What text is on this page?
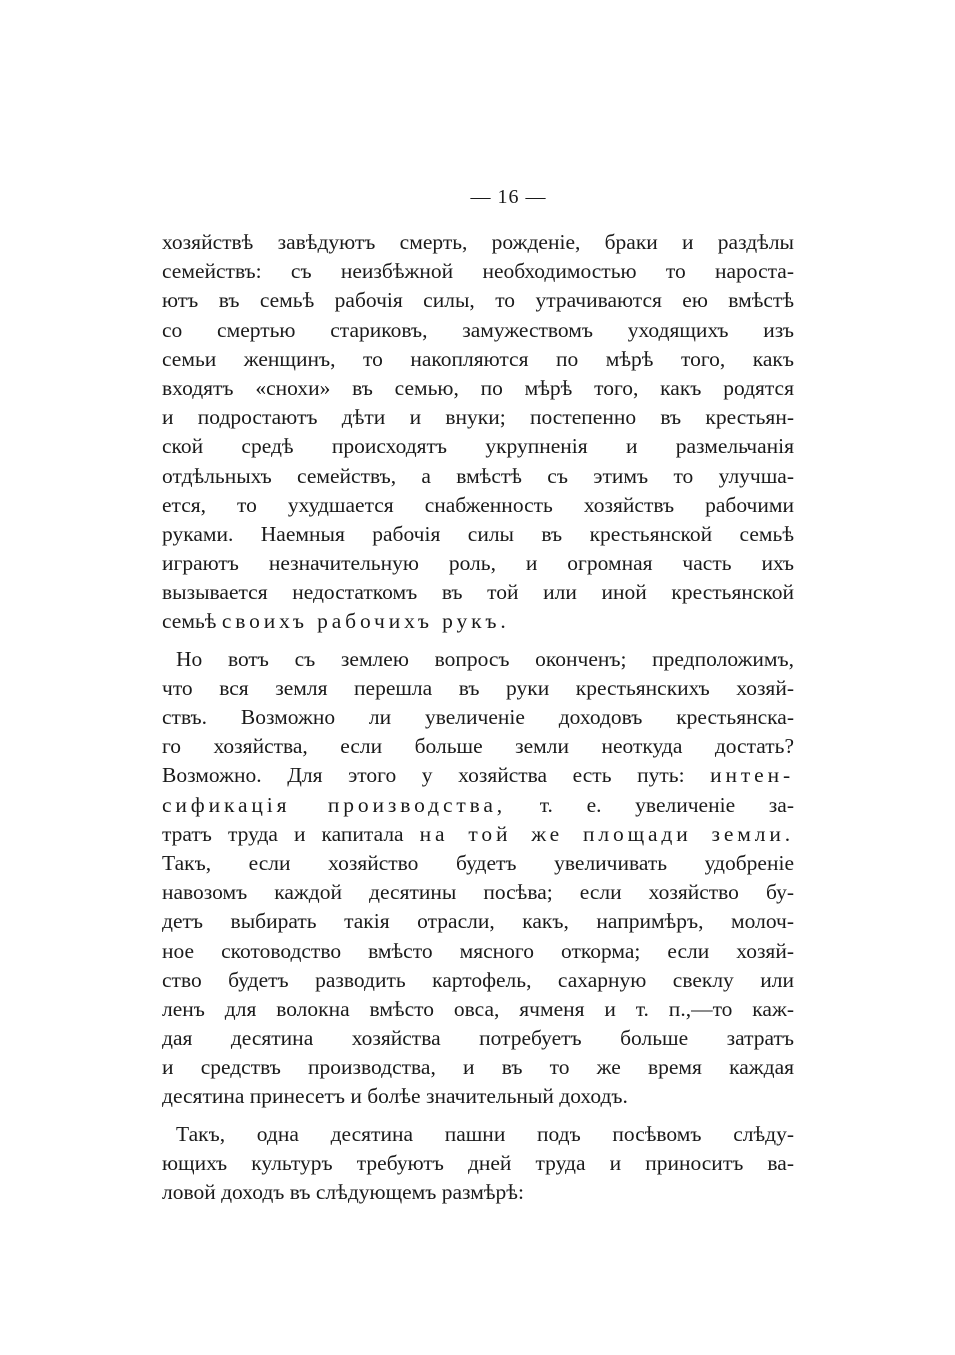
— 16 —
хозяйствѣ завѣдуютъ смерть, рожденіе, браки и раздѣлы
семействъ: съ неизбѣжной необходимостью то нароста-
ютъ въ семьѣ рабочія силы, то утрачиваются ею вмѣстѣ
со смертью стариковъ, замужествомъ уходящихъ изъ
семьи женщинъ, то накопляются по мѣрѣ того, какъ
входятъ «снохи» въ семью, по мѣрѣ того, какъ родятся
и подростаютъ дѣти и внуки; постепенно въ крестьян-
ской средѣ происходятъ укрупненія и размельчанія
отдѣльныхъ семействъ, а вмѣстѣ съ этимъ то улучша-
ется, то ухудшается снабженность хозяйствъ рабочими
руками. Наемныя рабочія силы въ крестьянской семьѣ
играютъ незначительную роль, и огромная часть ихъ
вызывается недостаткомъ въ той или иной крестьянской
семьѣ своихъ рабочихъ рукъ.
Но вотъ съ землею вопросъ оконченъ; предположимъ,
что вся земля перешла въ руки крестьянскихъ хозяй-
ствъ. Возможно ли увеличеніе доходовъ крестьянска-
го хозяйства, если больше земли неоткуда достать?
Возможно. Для этого у хозяйства есть путь: интен-
сификація производства, т. е. увеличеніе за-
тратъ труда и капитала на той же площади земли.
Такъ, если хозяйство будетъ увеличивать удобреніе
навозомъ каждой десятины посѣва; если хозяйство бу-
детъ выбирать такія отрасли, какъ, напримѣръ, молоч-
ное скотоводство вмѣсто мясного откорма; если хозяй-
ство будетъ разводить картофель, сахарную свеклу или
ленъ для волокна вмѣсто овса, ячменя и т. п.,—то каж-
дая десятина хозяйства потребуетъ больше затратъ
и средствъ производства, и въ то же время каждая
десятина принесетъ и болѣе значительный доходъ.
Такъ, одна десятина пашни подъ посѣвомъ слѣду-
ющихъ культуръ требуютъ дней труда и приноситъ ва-
ловой доходъ въ слѣдующемъ размѣрѣ:
